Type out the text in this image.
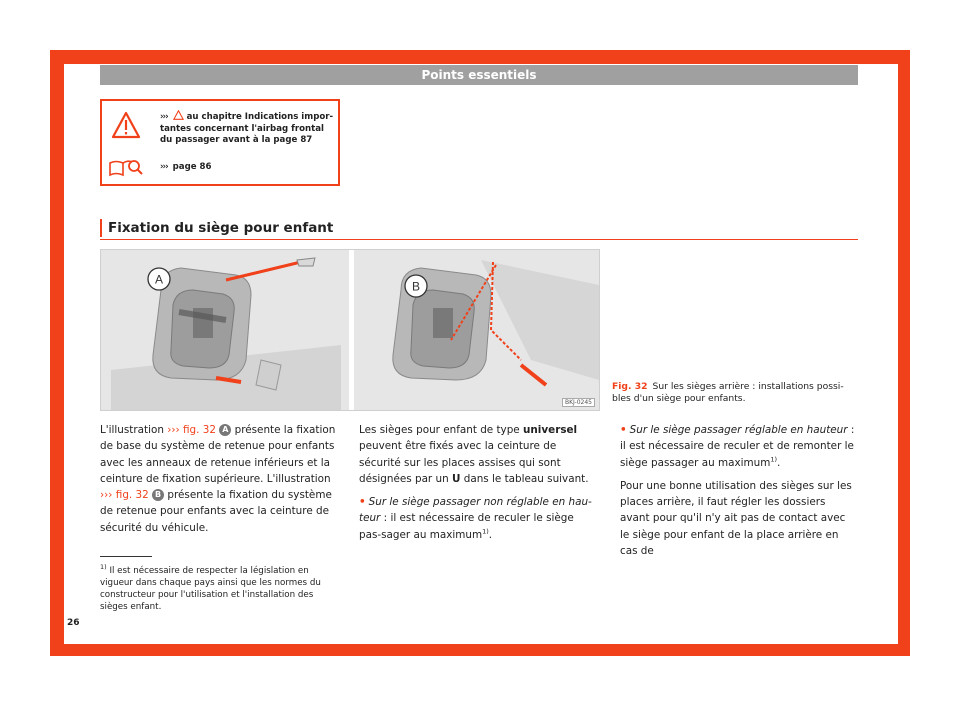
Points essentiels
››› au chapitre Indications impor-tantes concernant l'airbag frontal du passager avant à la page 87
››› page 86
Fixation du siège pour enfant
A	B
BKJ-0245
Fig. 32 Sur les sièges arrière : installations possi-bles d'un siège pour enfants.

L'illustration ››› fig. 32 A présente la fixation de base du système de retenue pour enfants avec les anneaux de retenue inférieurs et la ceinture de fixation supérieure. L'illustration ››› fig. 32 B présente la fixation du système de retenue pour enfants avec la ceinture de sécurité du véhicule.

Les sièges pour enfant de type universel peuvent être fixés avec la ceinture de sécurité sur les places assises qui sont désignées par un U dans le tableau suivant.

• Sur le siège passager non réglable en hau-teur : il est nécessaire de reculer le siège pas-sager au maximum$^{1)}$.

• Sur le siège passager réglable en hauteur : il est nécessaire de reculer et de remonter le siège passager au maximum$^{1)}$.

Pour une bonne utilisation des sièges sur les places arrière, il faut régler les dossiers avant pour qu'il n'y ait pas de contact avec le siège pour enfant de la place arrière en cas de

$^{1)}$ Il est nécessaire de respecter la législation en vigueur dans chaque pays ainsi que les normes du constructeur pour l'utilisation et l'installation des sièges enfant.
26
